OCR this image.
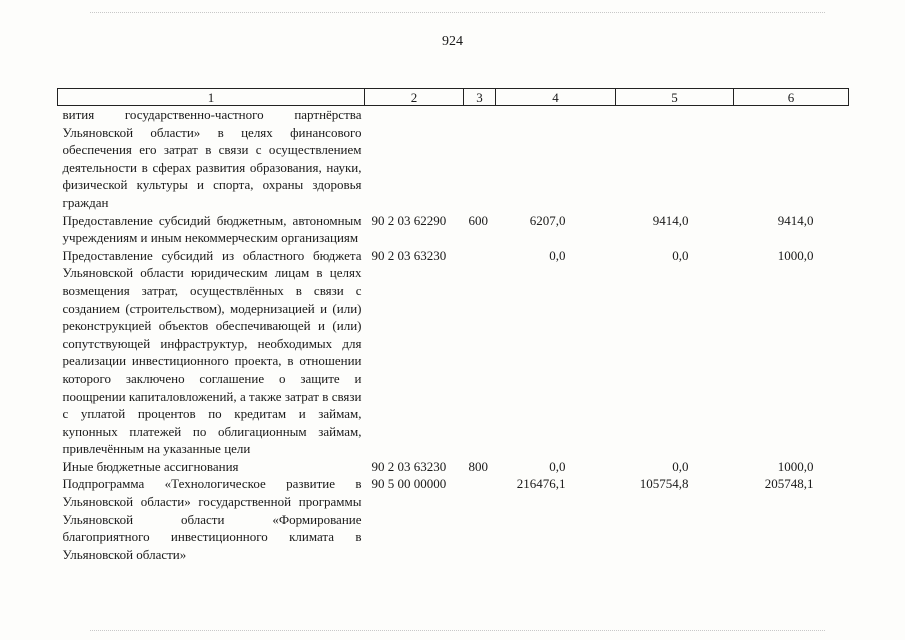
924
1	2	3	4	5	6
вития государственно-частного партнёрства Ульяновской области» в целях финансового обеспечения его затрат в связи с осуществлением деятельности в сферах развития образования, науки, физической культуры и спорта, охраны здоровья граждан					
Предоставление субсидий бюджетным, автономным учреждениям и иным некоммерческим организациям	90 2 03 62290	600	6207,0	9414,0	9414,0
Предоставление субсидий из областного бюджета Ульяновской области юридическим лицам в целях возмещения затрат, осуществлённых в связи с созданием (строительством), модернизацией и (или) реконструкцией объектов обеспечивающей и (или) сопутствующей инфраструктур, необходимых для реализации инвестиционного проекта, в отношении которого заключено соглашение о защите и поощрении капиталовложений, а также затрат в связи с уплатой процентов по кредитам и займам, купонных платежей по облигационным займам, привлечённым на указанные цели	90 2 03 63230		0,0	0,0	1000,0
Иные бюджетные ассигнования	90 2 03 63230	800	0,0	0,0	1000,0
Подпрограмма «Технологическое развитие в Ульяновской области» государственной программы Ульяновской области «Формирование благоприятного инвестиционного климата в Ульяновской области»	90 5 00 00000		216476,1	105754,8	205748,1
